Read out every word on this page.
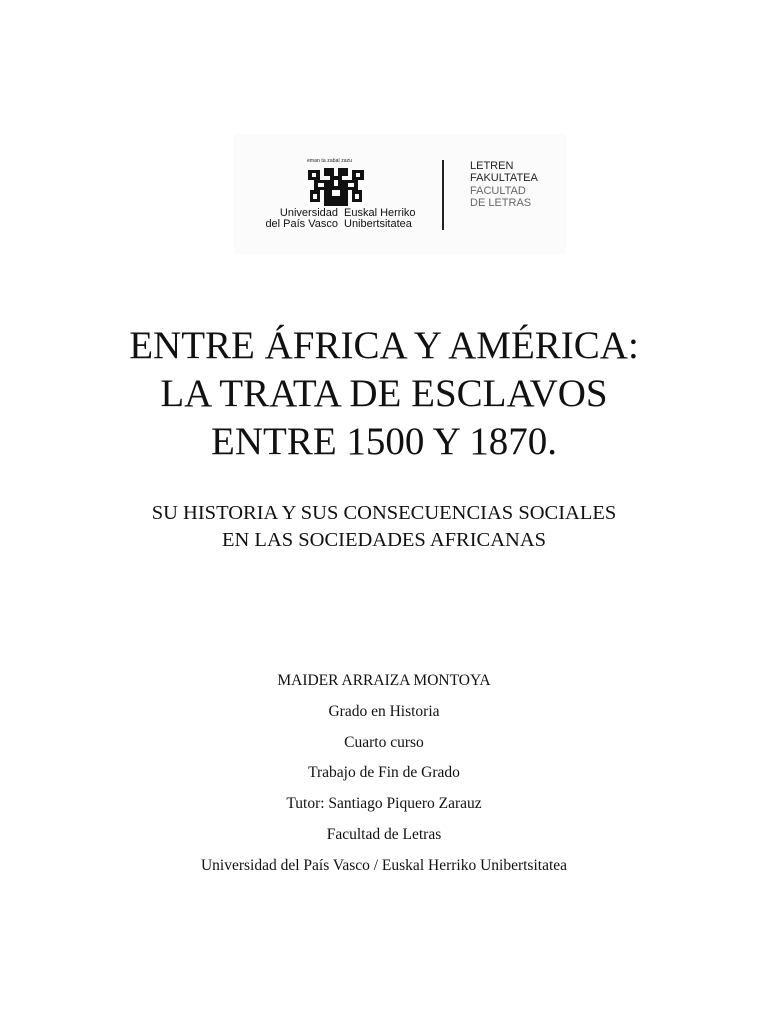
eman ta zabal zazu
Universidad
del País Vasco
Euskal Herriko
Unibertsitatea
LETREN
FAKULTATEA
FACULTAD
DE LETRAS
ENTRE ÁFRICA Y AMÉRICA:
LA TRATA DE ESCLAVOS
ENTRE 1500 Y 1870.
SU HISTORIA Y SUS CONSECUENCIAS SOCIALES
EN LAS SOCIEDADES AFRICANAS
MAIDER ARRAIZA MONTOYA
Grado en Historia
Cuarto curso
Trabajo de Fin de Grado
Tutor: Santiago Piquero Zarauz
Facultad de Letras
Universidad del País Vasco / Euskal Herriko Unibertsitatea
